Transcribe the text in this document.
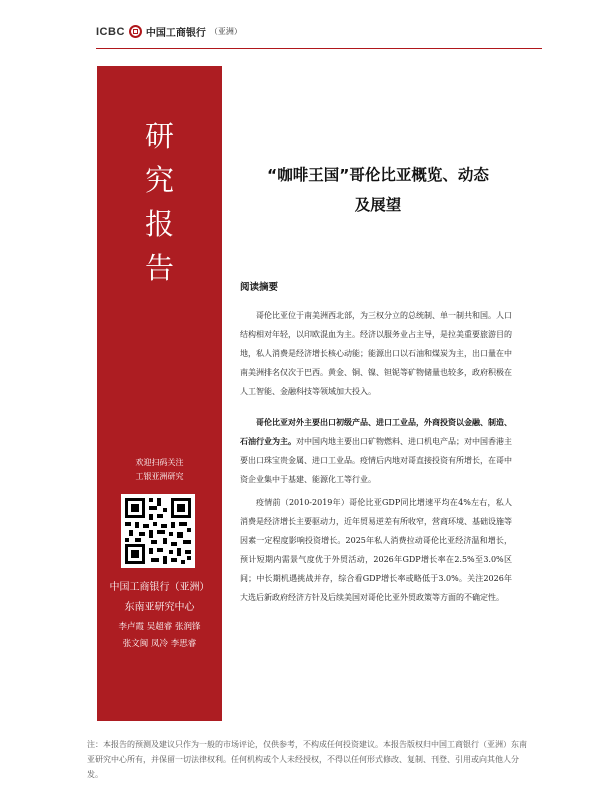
ICBC 中国工商银行 （亚洲）
研
究
报
告
欢迎扫码关注
工银亚洲研究
中国工商银行（亚洲）
东南亚研究中心
李卢霞 吴超睿 张润锋
张文闽 凤冷 李思睿
“咖啡王国”哥伦比亚概览、动态
及展望
阅读摘要

哥伦比亚位于南美洲西北部，为三权分立的总统制、单一制共和国。人口结构相对年轻，以印欧混血为主。经济以服务业占主导，是拉美重要旅游目的地，私人消费是经济增长核心动能；能源出口以石油和煤炭为主，出口量在中南美洲排名仅次于巴西。黄金、铜、镍、钽铌等矿物储量也较多，政府积极在人工智能、金融科技等领域加大投入。

哥伦比亚对外主要出口初级产品、进口工业品，外商投资以金融、制造、石油行业为主。对中国内地主要出口矿物燃料、进口机电产品；对中国香港主要出口珠宝贵金属、进口工业品。疫情后内地对哥直接投资有所增长，在哥中资企业集中于基建、能源化工等行业。

疫情前（2010-2019年）哥伦比亚GDP同比增速平均在4%左右，私人消费是经济增长主要驱动力，近年贸易逆差有所收窄，营商环境、基础设施等因素一定程度影响投资增长。2025年私人消费拉动哥伦比亚经济温和增长，预计短期内需景气度优于外贸活动，2026年GDP增长率在2.5%至3.0%区间；中长期机遇挑战并存，综合看GDP增长率或略低于3.0%。关注2026年大选后新政府经济方针及后续美国对哥伦比亚外贸政策等方面的不确定性。

注：本报告的预测及建议只作为一般的市场评论，仅供参考，不构成任何投资建议。本报告版权归中国工商银行（亚洲）东南亚研究中心所有，并保留一切法律权利。任何机构或个人未经授权，不得以任何形式修改、复制、刊登、引用或向其他人分发。
